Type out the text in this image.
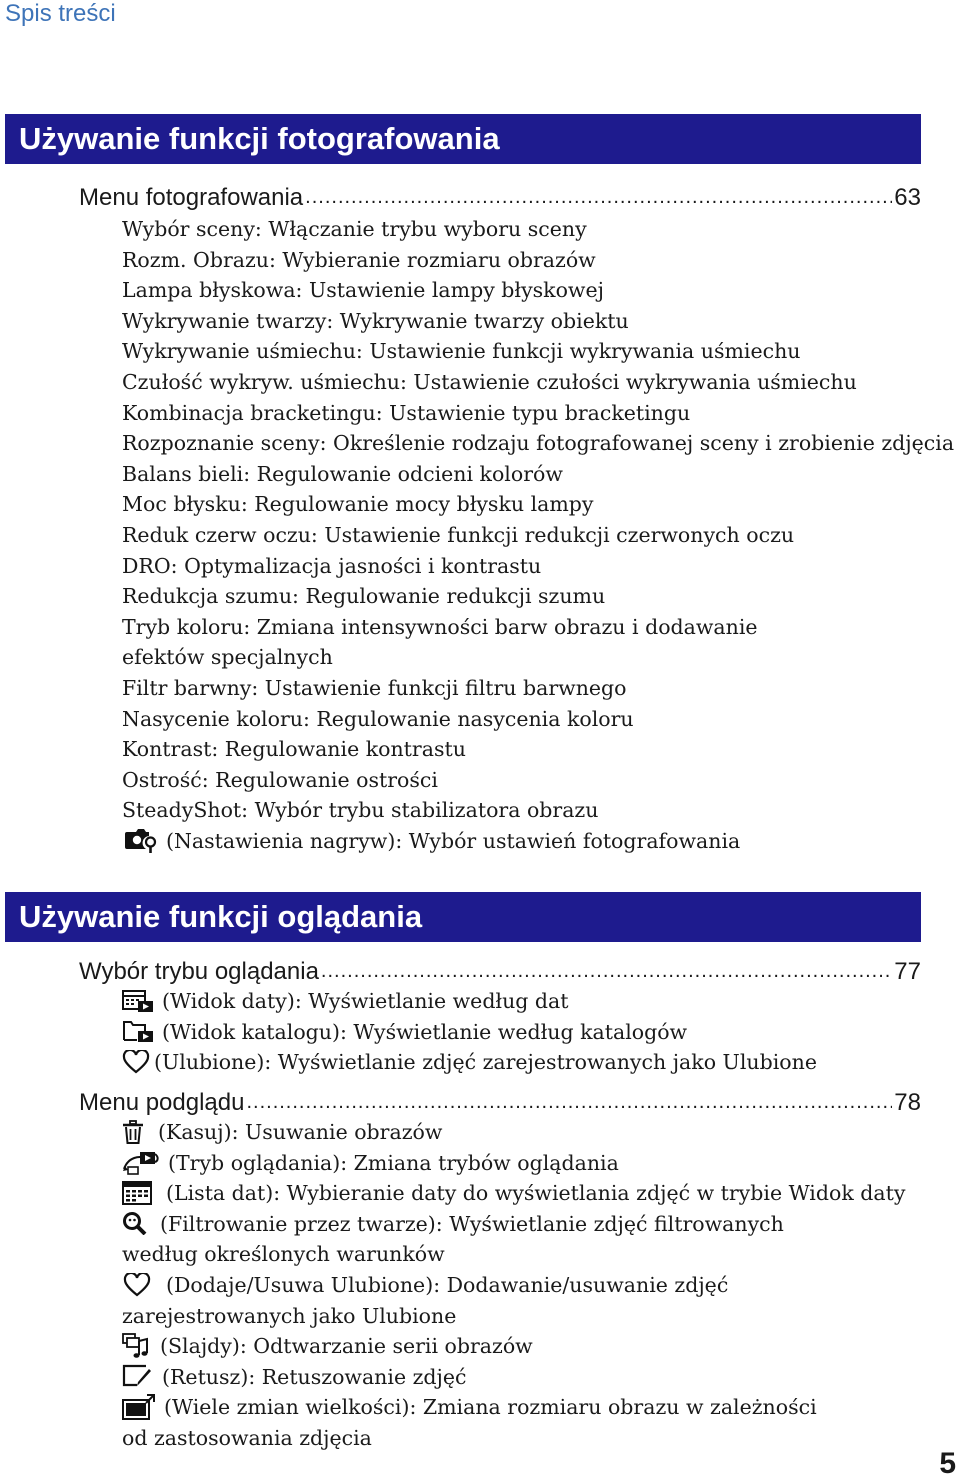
Spis treści
Używanie funkcji fotografowania
Menu fotografowania .....	63
Wybór sceny: Włączanie trybu wyboru sceny
Rozm. Obrazu: Wybieranie rozmiaru obrazów
Lampa błyskowa: Ustawienie lampy błyskowej
Wykrywanie twarzy: Wykrywanie twarzy obiektu
Wykrywanie uśmiechu: Ustawienie funkcji wykrywania uśmiechu
Czułość wykryw. uśmiechu: Ustawienie czułości wykrywania uśmiechu
Kombinacja bracketingu: Ustawienie typu bracketingu
Rozpoznanie sceny: Określenie rodzaju fotografowanej sceny i zrobienie zdjęcia
Balans bieli: Regulowanie odcieni kolorów
Moc błysku: Regulowanie mocy błysku lampy
Reduk czerw oczu: Ustawienie funkcji redukcji czerwonych oczu
DRO: Optymalizacja jasności i kontrastu
Redukcja szumu: Regulowanie redukcji szumu
Tryb koloru: Zmiana intensywności barw obrazu i dodawanie efektów specjalnych
Filtr barwny: Ustawienie funkcji filtru barwnego
Nasycenie koloru: Regulowanie nasycenia koloru
Kontrast: Regulowanie kontrastu
Ostrość: Regulowanie ostrości
SteadyShot: Wybór trybu stabilizatora obrazu
(Nastawienia nagryw): Wybór ustawień fotografowania
Używanie funkcji oglądania
Wybór trybu oglądania .....	77
(Widok daty): Wyświetlanie według dat
(Widok katalogu): Wyświetlanie według katalogów
(Ulubione): Wyświetlanie zdjęć zarejestrowanych jako Ulubione
Menu podglądu .....	78
(Kasuj): Usuwanie obrazów
(Tryb oglądania): Zmiana trybów oglądania
(Lista dat): Wybieranie daty do wyświetlania zdjęć w trybie Widok daty
(Filtrowanie przez twarze): Wyświetlanie zdjęć filtrowanych według określonych warunków
(Dodaje/Usuwa Ulubione): Dodawanie/usuwanie zdjęć zarejestrowanych jako Ulubione
(Slajdy): Odtwarzanie serii obrazów
(Retusz): Retuszowanie zdjęć
(Wiele zmian wielkości): Zmiana rozmiaru obrazu w zależności od zastosowania zdjęcia
5
